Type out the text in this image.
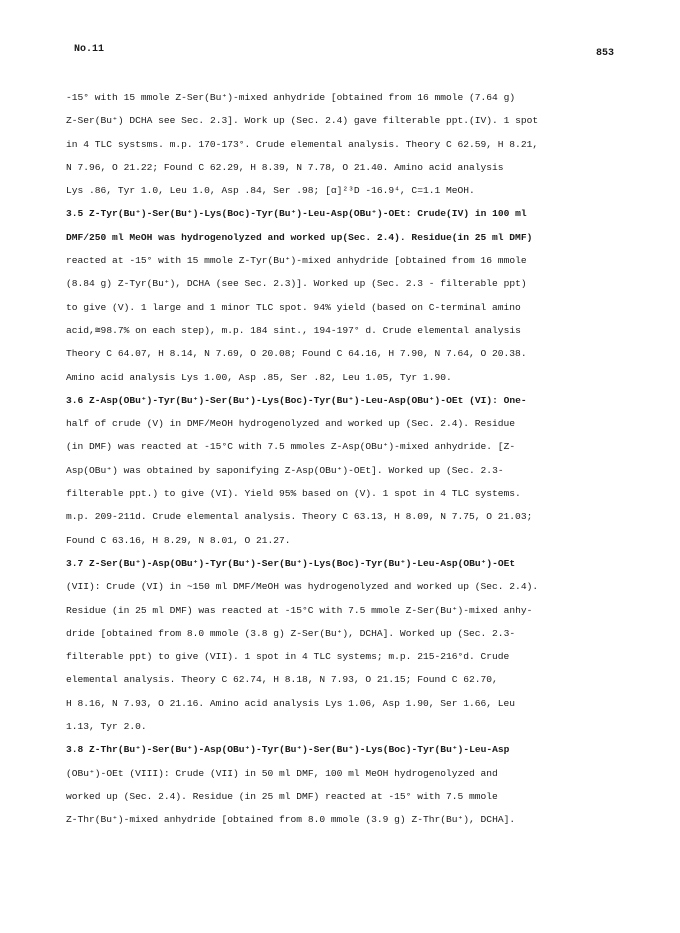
No.11	853
-15° with 15 mmole Z-Ser(Bu⁺)-mixed anhydride [obtained from 16 mmole (7.64 g)
Z-Ser(Bu⁺) DCHA see Sec. 2.3]. Work up (Sec. 2.4) gave filterable ppt.(IV). 1 spot
in 4 TLC systsms. m.p. 170-173°. Crude elemental analysis. Theory C 62.59, H 8.21,
N 7.96, O 21.22; Found C 62.29, H 8.39, N 7.78, O 21.40. Amino acid analysis
Lys .86, Tyr 1.0, Leu 1.0, Asp .84, Ser .98; [α]²³D -16.9⁴, C=1.1 MeOH.
3.5 Z-Tyr(Bu⁺)-Ser(Bu⁺)-Lys(Boc)-Tyr(Bu⁺)-Leu-Asp(OBu⁺)-OEt: Crude(IV) in 100 ml
DMF/250 ml MeOH was hydrogenolyzed and worked up(Sec. 2.4). Residue(in 25 ml DMF)
reacted at -15° with 15 mmole Z-Tyr(Bu⁺)-mixed anhydride [obtained from 16 mmole
(8.84 g) Z-Tyr(Bu⁺), DCHA (see Sec. 2.3)]. Worked up (Sec. 2.3 - filterable ppt)
to give (V). 1 large and 1 minor TLC spot. 94% yield (based on C-terminal amino
acid,≅98.7% on each step), m.p. 184 sint., 194-197° d. Crude elemental analysis
Theory C 64.07, H 8.14, N 7.69, O 20.08; Found C 64.16, H 7.90, N 7.64, O 20.38.
Amino acid analysis Lys 1.00, Asp .85, Ser .82, Leu 1.05, Tyr 1.90.
3.6 Z-Asp(OBu⁺)-Tyr(Bu⁺)-Ser(Bu⁺)-Lys(Boc)-Tyr(Bu⁺)-Leu-Asp(OBu⁺)-OEt (VI): One-
half of crude (V) in DMF/MeOH hydrogenolyzed and worked up (Sec. 2.4). Residue
(in DMF) was reacted at -15°C with 7.5 mmoles Z-Asp(OBu⁺)-mixed anhydride. [Z-
Asp(OBu⁺) was obtained by saponifying Z-Asp(OBu⁺)-OEt]. Worked up (Sec. 2.3-
filterable ppt.) to give (VI). Yield 95% based on (V). 1 spot in 4 TLC systems.
m.p. 209-211d. Crude elemental analysis. Theory C 63.13, H 8.09, N 7.75, O 21.03;
Found C 63.16, H 8.29, N 8.01, O 21.27.
3.7 Z-Ser(Bu⁺)-Asp(OBu⁺)-Tyr(Bu⁺)-Ser(Bu⁺)-Lys(Boc)-Tyr(Bu⁺)-Leu-Asp(OBu⁺)-OEt
(VII): Crude (VI) in ~150 ml DMF/MeOH was hydrogenolyzed and worked up (Sec. 2.4).
Residue (in 25 ml DMF) was reacted at -15°C with 7.5 mmole Z-Ser(Bu⁺)-mixed anhy-
dride [obtained from 8.0 mmole (3.8 g) Z-Ser(Bu⁺), DCHA]. Worked up (Sec. 2.3-
filterable ppt) to give (VII). 1 spot in 4 TLC systems; m.p. 215-216°d. Crude
elemental analysis. Theory C 62.74, H 8.18, N 7.93, O 21.15; Found C 62.70,
H 8.16, N 7.93, O 21.16. Amino acid analysis Lys 1.06, Asp 1.90, Ser 1.66, Leu
1.13, Tyr 2.0.
3.8 Z-Thr(Bu⁺)-Ser(Bu⁺)-Asp(OBu⁺)-Tyr(Bu⁺)-Ser(Bu⁺)-Lys(Boc)-Tyr(Bu⁺)-Leu-Asp
(OBu⁺)-OEt (VIII): Crude (VII) in 50 ml DMF, 100 ml MeOH hydrogenolyzed and
worked up (Sec. 2.4). Residue (in 25 ml DMF) reacted at -15° with 7.5 mmole
Z-Thr(Bu⁺)-mixed anhydride [obtained from 8.0 mmole (3.9 g) Z-Thr(Bu⁺), DCHA].
